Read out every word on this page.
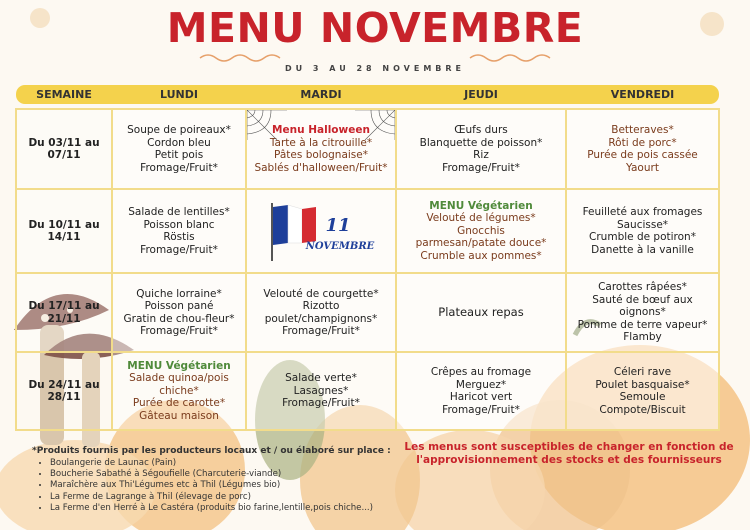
MENU NOVEMBRE
DU 3 AU 28 NOVEMBRE
SEMAINE	LUNDI	MARDI	JEUDI	VENDREDI

Du 03/11 au 07/11	Soupe de poireaux*
Cordon bleu
Petit pois
Fromage/Fruit*	Menu Halloween
Tarte à la citrouille*
Pâtes bolognaise*
Sablés d'halloween/Fruit*	Œufs durs
Blanquette de poisson*
Riz
Fromage/Fruit*	Betteraves*
Rôti de porc*
Purée de pois cassée
Yaourt

Du 10/11 au 14/11	Salade de lentilles*
Poisson blanc
Röstis
Fromage/Fruit*	11
NOVEMBRE	MENU Végétarien
Velouté de légumes*
Gnocchis
parmesan/patate douce*
Crumble aux pommes*	Feuilleté aux fromages
Saucisse*
Crumble de potiron*
Danette à la vanille

Du 17/11 au 21/11	Quiche lorraine*
Poisson pané
Gratin de chou-fleur*
Fromage/Fruit*	Velouté de courgette*
Rizotto
poulet/champignons*
Fromage/Fruit*	Plateaux repas	Carottes râpées*
Sauté de bœuf aux
oignons*
Pomme de terre vapeur*
Flamby

Du 24/11 au 28/11	MENU Végétarien
Salade quinoa/pois
chiche*
Purée de carotte*
Gâteau maison	Salade verte*
Lasagnes*
Fromage/Fruit*	Crêpes au fromage
Merguez*
Haricot vert
Fromage/Fruit*	Céleri rave
Poulet basquaise*
Semoule
Compote/Biscuit
*Produits fournis par les producteurs locaux et / ou élaboré sur place :
• Boulangerie de Launac (Pain)
• Boucherie Sabathé à Ségoufielle (Charcuterie-viande)
• Maraîchère aux Thi'Légumes etc à Thil (Légumes bio)
• La Ferme de Lagrange à Thil (élevage de porc)
• La Ferme d'en Herré à Le Castéra (produits bio farine,lentille,pois chiche...)
Les menus sont susceptibles de changer en fonction de l'approvisionnement des stocks et des fournisseurs
